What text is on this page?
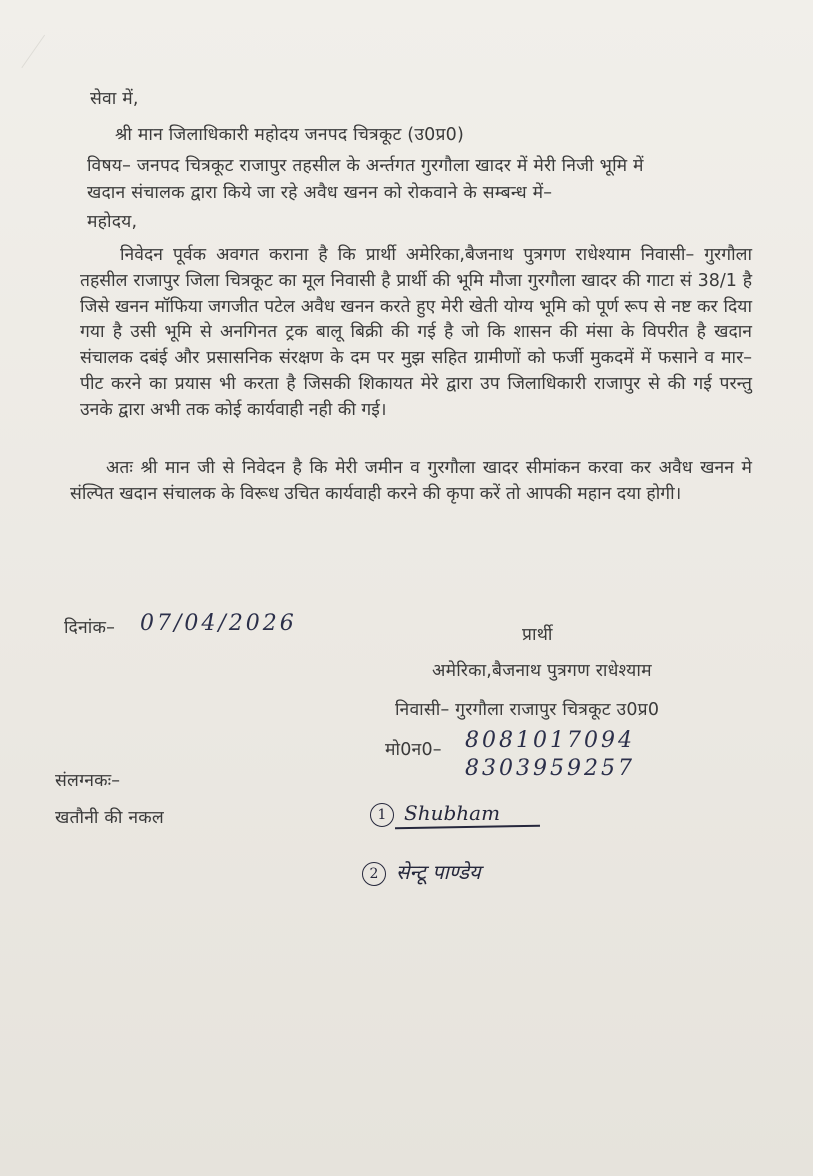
सेवा में,
श्री मान जिलाधिकारी महोदय जनपद चित्रकूट (उ0प्र0)
विषय– जनपद चित्रकूट राजापुर तहसील के अर्न्तगत गुरगौला खादर में मेरी निजी भूमि में
खदान संचालक द्वारा किये जा रहे अवैध खनन को रोकवाने के सम्बन्ध में–
महोदय,
निवेदन पूर्वक अवगत कराना है कि प्रार्थी अमेरिका,बैजनाथ पुत्रगण राधेश्याम निवासी– गुरगौला तहसील राजापुर जिला चित्रकूट का मूल निवासी है प्रार्थी की भूमि मौजा गुरगौला खादर की गाटा सं 38/1 है जिसे खनन मॉफिया जगजीत पटेल अवैध खनन करते हुए मेरी खेती योग्य भूमि को पूर्ण रूप से नष्ट कर दिया गया है उसी भूमि से अनगिनत ट्रक बालू बिक्री की गई है जो कि शासन की मंसा के विपरीत है खदान संचालक दबंई और प्रसासनिक संरक्षण के दम पर मुझ सहित ग्रामीणों को फर्जी मुकदमें में फसाने व मार–पीट करने का प्रयास भी करता है जिसकी शिकायत मेरे द्वारा उप जिलाधिकारी राजापुर से की गई परन्तु उनके द्वारा अभी तक कोई कार्यवाही नही की गई।
अतः श्री मान जी से निवेदन है कि मेरी जमीन व गुरगौला खादर सीमांकन करवा कर अवैध खनन मे संल्पित खदान संचालक के विरूध उचित कार्यवाही करने की कृपा करें तो आपकी महान दया होगी।
दिनांक– 07/04/2026	प्रार्थी
अमेरिका,बैजनाथ पुत्रगण राधेश्याम
निवासी– गुरगौला राजापुर चित्रकूट उ0प्र0
मो0न0– 8081017094
8303959257
संलग्नकः–
खतौनी की नकल	1 Shubham
2 सेन्टू पाण्डेय
